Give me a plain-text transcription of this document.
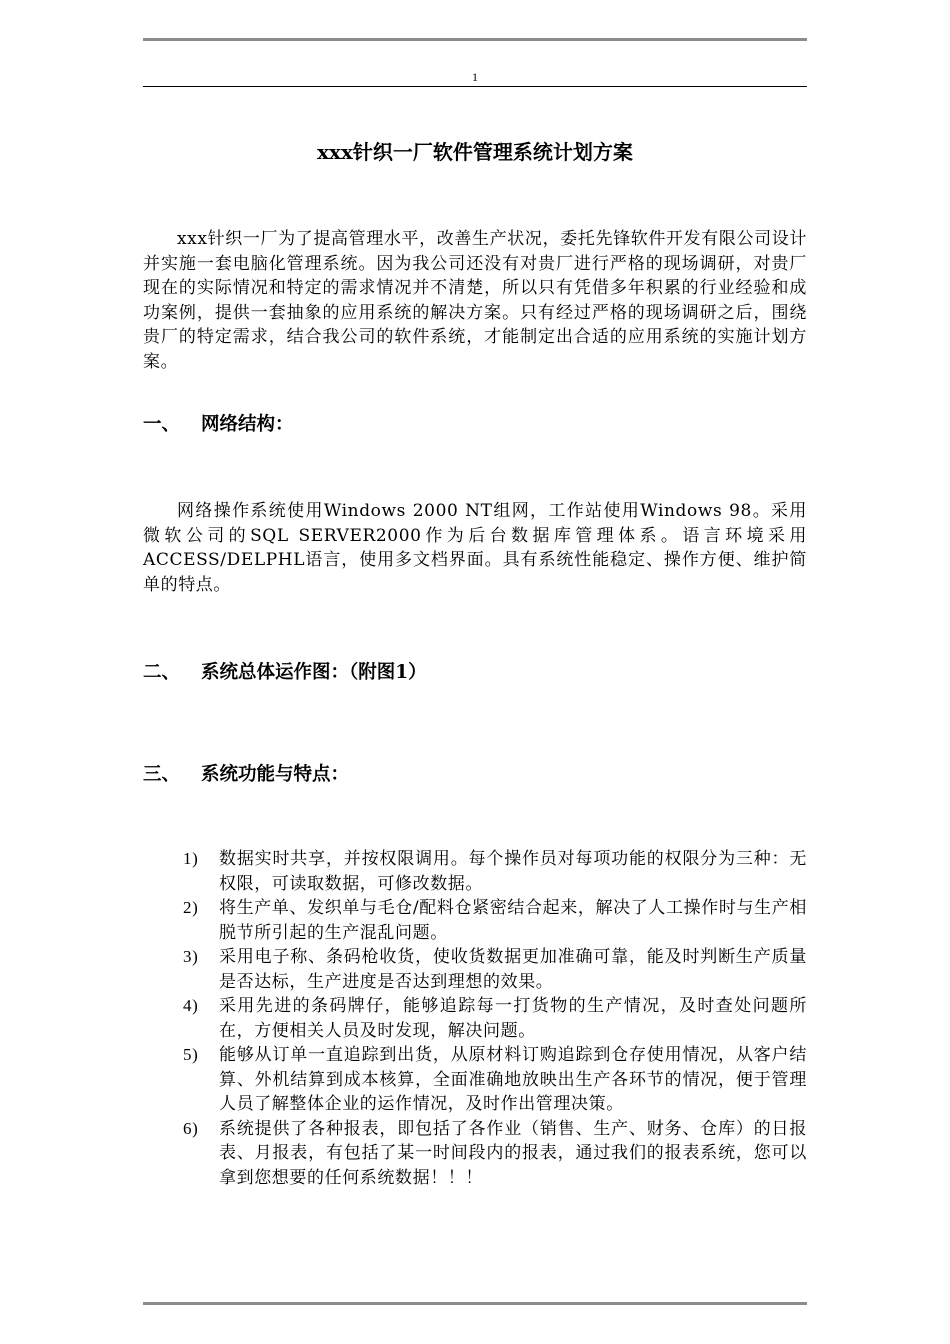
1
xxx针织一厂软件管理系统计划方案

xxx针织一厂为了提高管理水平，改善生产状况，委托先锋软件开发有限公司设计并实施一套电脑化管理系统。因为我公司还没有对贵厂进行严格的现场调研，对贵厂现在的实际情况和特定的需求情况并不清楚，所以只有凭借多年积累的行业经验和成功案例，提供一套抽象的应用系统的解决方案。只有经过严格的现场调研之后，围绕贵厂的特定需求，结合我公司的软件系统，才能制定出合适的应用系统的实施计划方案。

一、 网络结构：

网络操作系统使用Windows 2000 NT组网，工作站使用Windows 98。采用微软公司的SQL SERVER2000作为后台数据库管理体系。语言环境采用ACCESS/DELPHL语言，使用多文档界面。具有系统性能稳定、操作方便、维护简单的特点。

二、 系统总体运作图：（附图1）
三、 系统功能与特点：
1) 数据实时共享，并按权限调用。每个操作员对每项功能的权限分为三种：无权限，可读取数据，可修改数据。
2) 将生产单、发织单与毛仓/配料仓紧密结合起来，解决了人工操作时与生产相脱节所引起的生产混乱问题。
3) 采用电子称、条码枪收货，使收货数据更加准确可靠，能及时判断生产质量是否达标，生产进度是否达到理想的效果。
4) 采用先进的条码牌仔，能够追踪每一打货物的生产情况，及时查处问题所在，方便相关人员及时发现，解决问题。
5) 能够从订单一直追踪到出货，从原材料订购追踪到仓存使用情况，从客户结算、外机结算到成本核算，全面准确地放映出生产各环节的情况，便于管理人员了解整体企业的运作情况，及时作出管理决策。
6) 系统提供了各种报表，即包括了各作业（销售、生产、财务、仓库）的日报表、月报表，有包括了某一时间段内的报表，通过我们的报表系统，您可以拿到您想要的任何系统数据！！！
